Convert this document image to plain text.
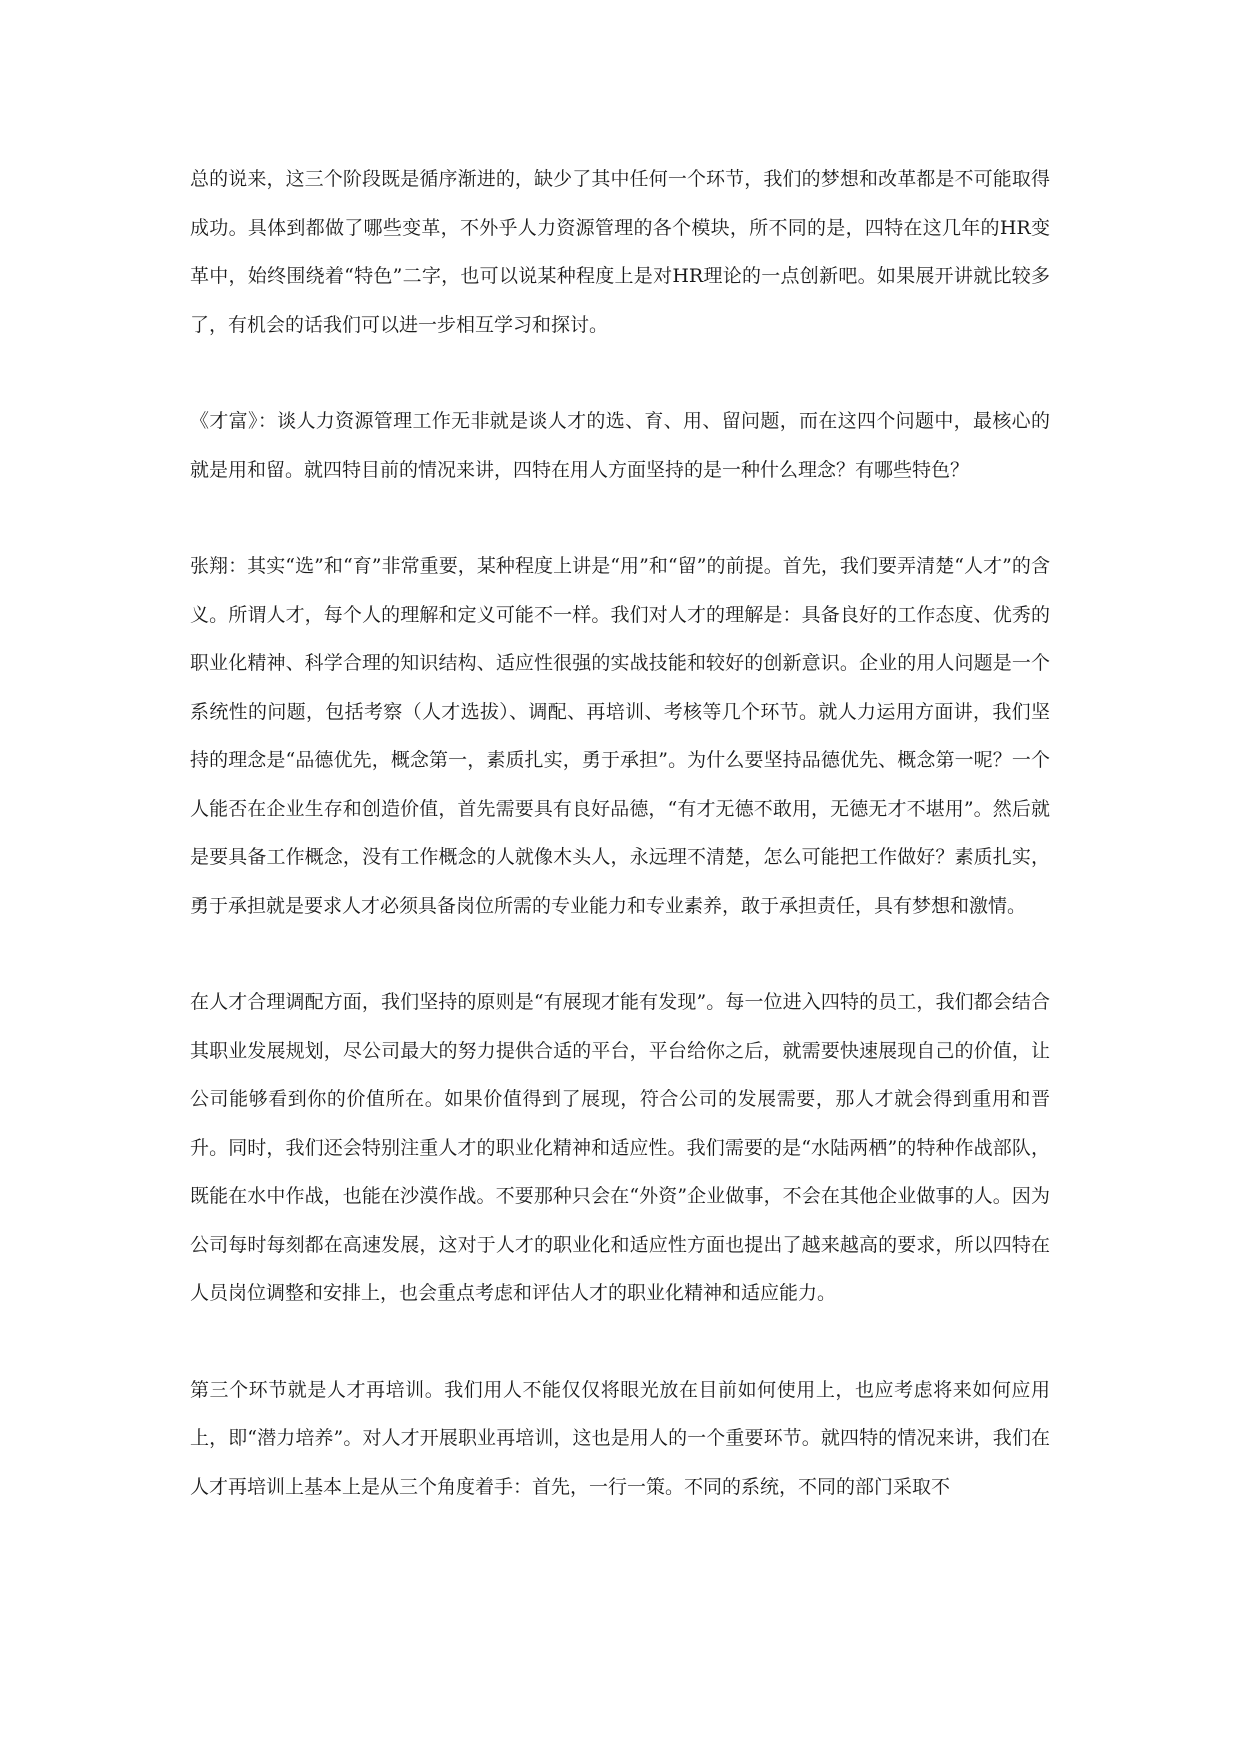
总的说来，这三个阶段既是循序渐进的，缺少了其中任何一个环节，我们的梦想和改革都是不可能取得成功。具体到都做了哪些变革，不外乎人力资源管理的各个模块，所不同的是，四特在这几年的HR变革中，始终围绕着“特色”二字，也可以说某种程度上是对HR理论的一点创新吧。如果展开讲就比较多了，有机会的话我们可以进一步相互学习和探讨。

《才富》：谈人力资源管理工作无非就是谈人才的选、育、用、留问题，而在这四个问题中，最核心的就是用和留。就四特目前的情况来讲，四特在用人方面坚持的是一种什么理念？有哪些特色？

张翔：其实“选”和“育”非常重要，某种程度上讲是“用”和“留”的前提。首先，我们要弄清楚“人才”的含义。所谓人才，每个人的理解和定义可能不一样。我们对人才的理解是：具备良好的工作态度、优秀的职业化精神、科学合理的知识结构、适应性很强的实战技能和较好的创新意识。企业的用人问题是一个系统性的问题，包括考察（人才选拔）、调配、再培训、考核等几个环节。就人力运用方面讲，我们坚持的理念是“品德优先，概念第一，素质扎实，勇于承担”。为什么要坚持品德优先、概念第一呢？一个人能否在企业生存和创造价值，首先需要具有良好品德，“有才无德不敢用，无德无才不堪用”。然后就是要具备工作概念，没有工作概念的人就像木头人，永远理不清楚，怎么可能把工作做好？素质扎实，勇于承担就是要求人才必须具备岗位所需的专业能力和专业素养，敢于承担责任，具有梦想和激情。

在人才合理调配方面，我们坚持的原则是“有展现才能有发现”。每一位进入四特的员工，我们都会结合其职业发展规划，尽公司最大的努力提供合适的平台，平台给你之后，就需要快速展现自己的价值，让公司能够看到你的价值所在。如果价值得到了展现，符合公司的发展需要，那人才就会得到重用和晋升。同时，我们还会特别注重人才的职业化精神和适应性。我们需要的是“水陆两栖”的特种作战部队，既能在水中作战，也能在沙漠作战。不要那种只会在“外资”企业做事，不会在其他企业做事的人。因为公司每时每刻都在高速发展，这对于人才的职业化和适应性方面也提出了越来越高的要求，所以四特在人员岗位调整和安排上，也会重点考虑和评估人才的职业化精神和适应能力。

第三个环节就是人才再培训。我们用人不能仅仅将眼光放在目前如何使用上，也应考虑将来如何应用上，即“潜力培养”。对人才开展职业再培训，这也是用人的一个重要环节。就四特的情况来讲，我们在人才再培训上基本上是从三个角度着手：首先，一行一策。不同的系统，不同的部门采取不
